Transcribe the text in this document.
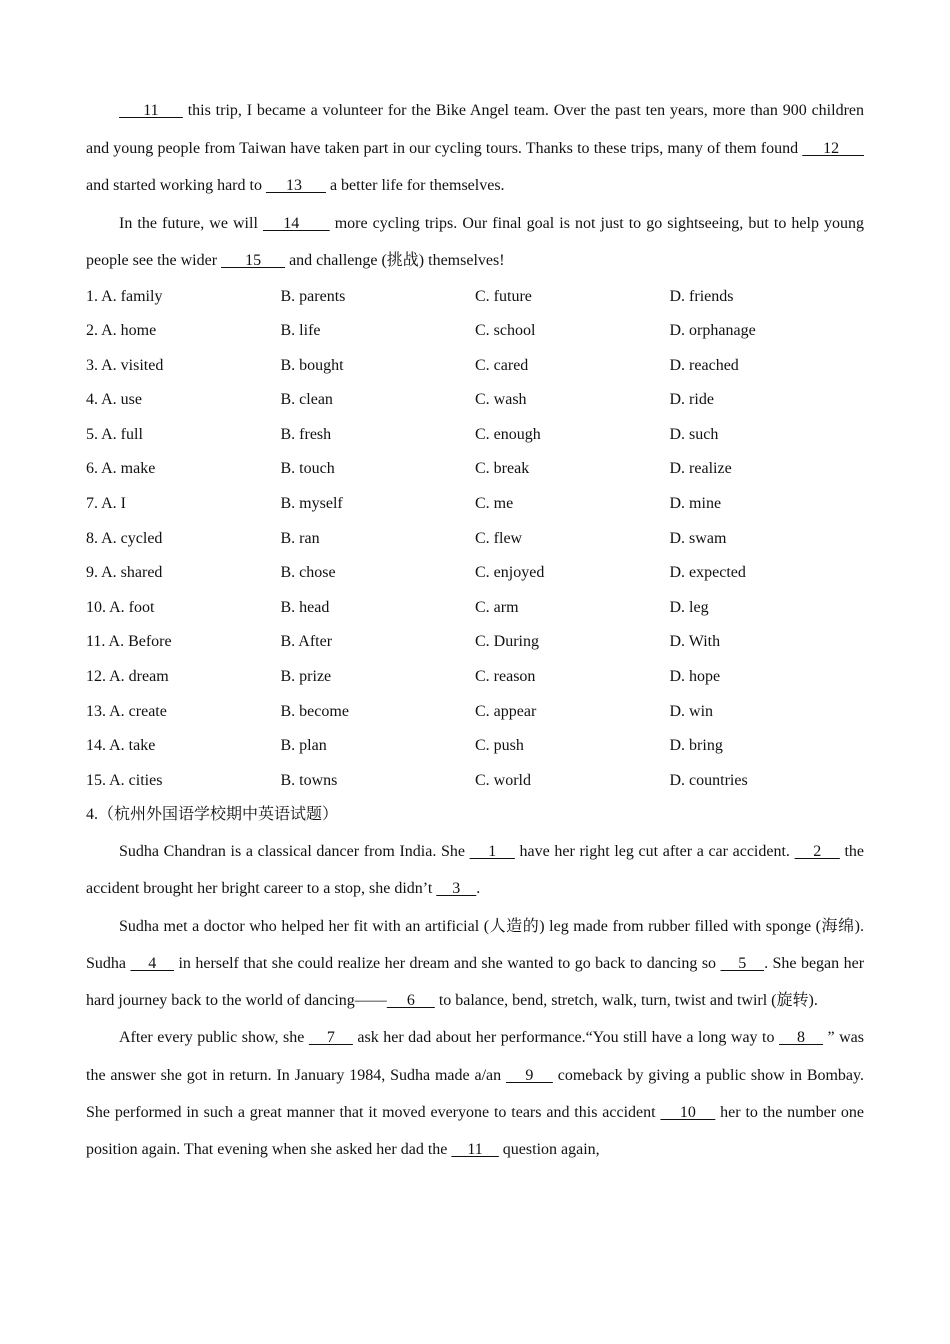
11      this trip, I became a volunteer for the Bike Angel team. Over the past ten years, more than 900 children and young people from Taiwan have taken part in our cycling tours. Thanks to these trips, many of them found      12       and started working hard to      13       a better life for themselves.

In the future, we will     14       more cycling trips. Our final goal is not just to go sightseeing, but to help young people see the wider       15       and challenge (挑战) themselves!

1. A. family	B. parents	C. future	D. friends
2. A. home	B. life	C. school	D. orphanage
3. A. visited	B. bought	C. cared	D. reached
4. A. use	B. clean	C. wash	D. ride
5. A. full	B. fresh	C. enough	D. such
6. A. make	B. touch	C. break	D. realize
7. A. I	B. myself	C. me	D. mine
8. A. cycled	B. ran	C. flew	D. swam
9. A. shared	B. chose	C. enjoyed	D. expected
10. A. foot	B. head	C. arm	D. leg
11. A. Before	B. After	C. During	D. With
12. A. dream	B. prize	C. reason	D. hope
13. A. create	B. become	C. appear	D. win
14. A. take	B. plan	C. push	D. bring
15. A. cities	B. towns	C. world	D. countries
4.（杭州外国语学校期中英语试题）

Sudha Chandran is a classical dancer from India. She     1     have her right leg cut after a car accident.     2     the accident brought her bright career to a stop, she didn’t     3    .

Sudha met a doctor who helped her fit with an artificial (人造的) leg made from rubber filled with sponge (海绵). Sudha     4     in herself that she could realize her dream and she wanted to go back to dancing so     5    . She began her hard journey back to the world of dancing——     6      to balance, bend, stretch, walk, turn, twist and twirl (旋转).

After every public show, she     7     ask her dad about her performance.“You still have a long way to     8     ” was the answer she got in return. In January 1984, Sudha made a/an     9     comeback by giving a public show in Bombay. She performed in such a great manner that it moved everyone to tears and this accident     10     her to the number one position again. That evening when she asked her dad the     11     question again,
